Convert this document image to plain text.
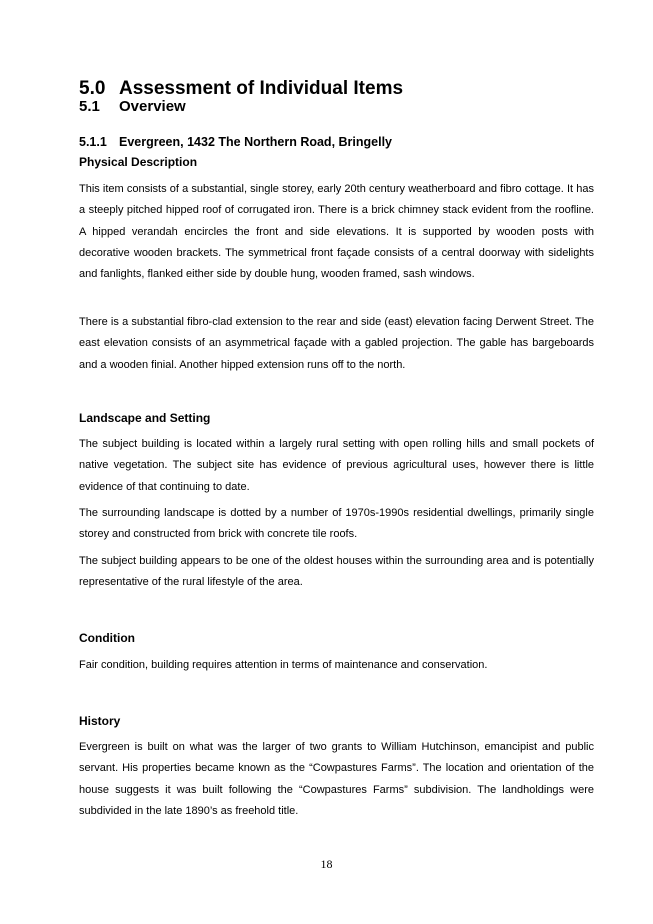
5.0 Assessment of Individual Items
5.1 Overview
5.1.1 Evergreen, 1432 The Northern Road, Bringelly
Physical Description

This item consists of a substantial, single storey, early 20th century weatherboard and fibro cottage. It has a steeply pitched hipped roof of corrugated iron. There is a brick chimney stack evident from the roofline. A hipped verandah encircles the front and side elevations. It is supported by wooden posts with decorative wooden brackets. The symmetrical front façade consists of a central doorway with sidelights and fanlights, flanked either side by double hung, wooden framed, sash windows.

There is a substantial fibro-clad extension to the rear and side (east) elevation facing Derwent Street. The east elevation consists of an asymmetrical façade with a gabled projection. The gable has bargeboards and a wooden finial. Another hipped extension runs off to the north.

Landscape and Setting

The subject building is located within a largely rural setting with open rolling hills and small pockets of native vegetation. The subject site has evidence of previous agricultural uses, however there is little evidence of that continuing to date.

The surrounding landscape is dotted by a number of 1970s-1990s residential dwellings, primarily single storey and constructed from brick with concrete tile roofs.

The subject building appears to be one of the oldest houses within the surrounding area and is potentially representative of the rural lifestyle of the area.

Condition

Fair condition, building requires attention in terms of maintenance and conservation.

History

Evergreen is built on what was the larger of two grants to William Hutchinson, emancipist and public servant. His properties became known as the “Cowpastures Farms”. The location and orientation of the house suggests it was built following the “Cowpastures Farms” subdivision. The landholdings were subdivided in the late 1890’s as freehold title.

18
